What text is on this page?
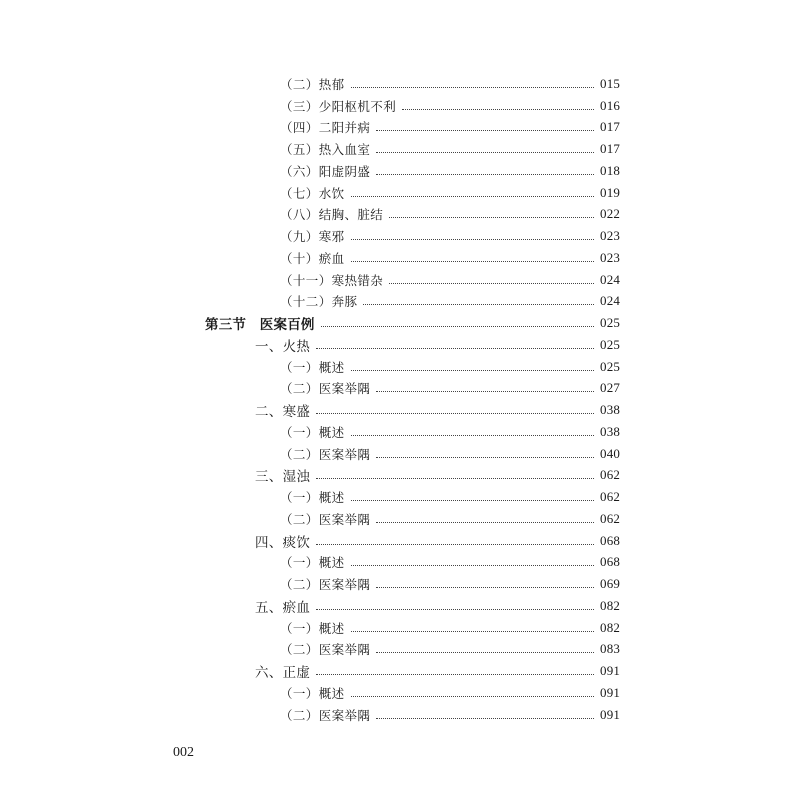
（二）热郁	015
（三）少阳枢机不利	016
（四）二阳并病	017
（五）热入血室	017
（六）阳虚阴盛	018
（七）水饮	019
（八）结胸、脏结	022
（九）寒邪	023
（十）瘀血	023
（十一）寒热错杂	024
（十二）奔豚	024
第三节　医案百例	025
一、火热	025
（一）概述	025
（二）医案举隅	027
二、寒盛	038
（一）概述	038
（二）医案举隅	040
三、湿浊	062
（一）概述	062
（二）医案举隅	062
四、痰饮	068
（一）概述	068
（二）医案举隅	069
五、瘀血	082
（一）概述	082
（二）医案举隅	083
六、正虚	091
（一）概述	091
（二）医案举隅	091
002
